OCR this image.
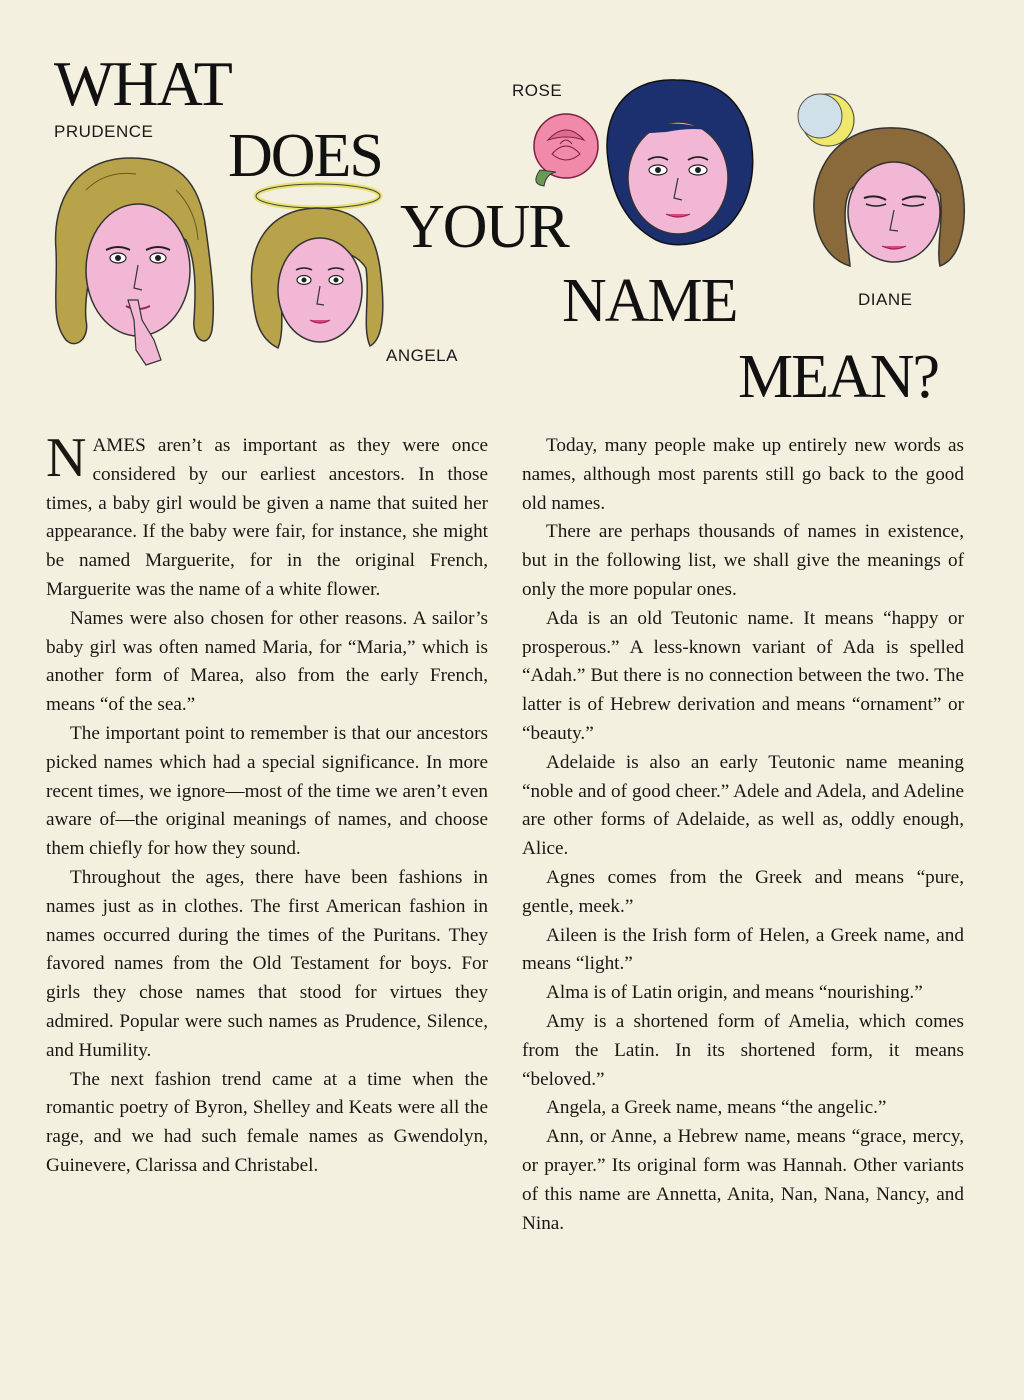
WHAT
DOES
YOUR
NAME
MEAN?
PRUDENCE
ROSE
ANGELA
DIANE

NAMES aren’t as important as they were once considered by our earliest ancestors. In those times, a baby girl would be given a name that suited her appearance. If the baby were fair, for instance, she might be named Marguerite, for in the original French, Marguerite was the name of a white flower.

Names were also chosen for other reasons. A sailor’s baby girl was often named Maria, for “Maria,” which is another form of Marea, also from the early French, means “of the sea.”

The important point to remember is that our ancestors picked names which had a special significance. In more recent times, we ignore—most of the time we aren’t even aware of—the original meanings of names, and choose them chiefly for how they sound.

Throughout the ages, there have been fashions in names just as in clothes. The first American fashion in names occurred during the times of the Puritans. They favored names from the Old Testament for boys. For girls they chose names that stood for virtues they admired. Popular were such names as Prudence, Silence, and Humility.

The next fashion trend came at a time when the romantic poetry of Byron, Shelley and Keats were all the rage, and we had such female names as Gwendolyn, Guinevere, Clarissa and Christabel.

Today, many people make up entirely new words as names, although most parents still go back to the good old names.

There are perhaps thousands of names in existence, but in the following list, we shall give the meanings of only the more popular ones.

Ada is an old Teutonic name. It means “happy or prosperous.” A less-known variant of Ada is spelled “Adah.” But there is no connection between the two. The latter is of Hebrew derivation and means “ornament” or “beauty.”

Adelaide is also an early Teutonic name meaning “noble and of good cheer.” Adele and Adela, and Adeline are other forms of Adelaide, as well as, oddly enough, Alice.

Agnes comes from the Greek and means “pure, gentle, meek.”

Aileen is the Irish form of Helen, a Greek name, and means “light.”

Alma is of Latin origin, and means “nourishing.”

Amy is a shortened form of Amelia, which comes from the Latin. In its shortened form, it means “beloved.”

Angela, a Greek name, means “the angelic.”

Ann, or Anne, a Hebrew name, means “grace, mercy, or prayer.” Its original form was Hannah. Other variants of this name are Annetta, Anita, Nan, Nana, Nancy, and Nina.
